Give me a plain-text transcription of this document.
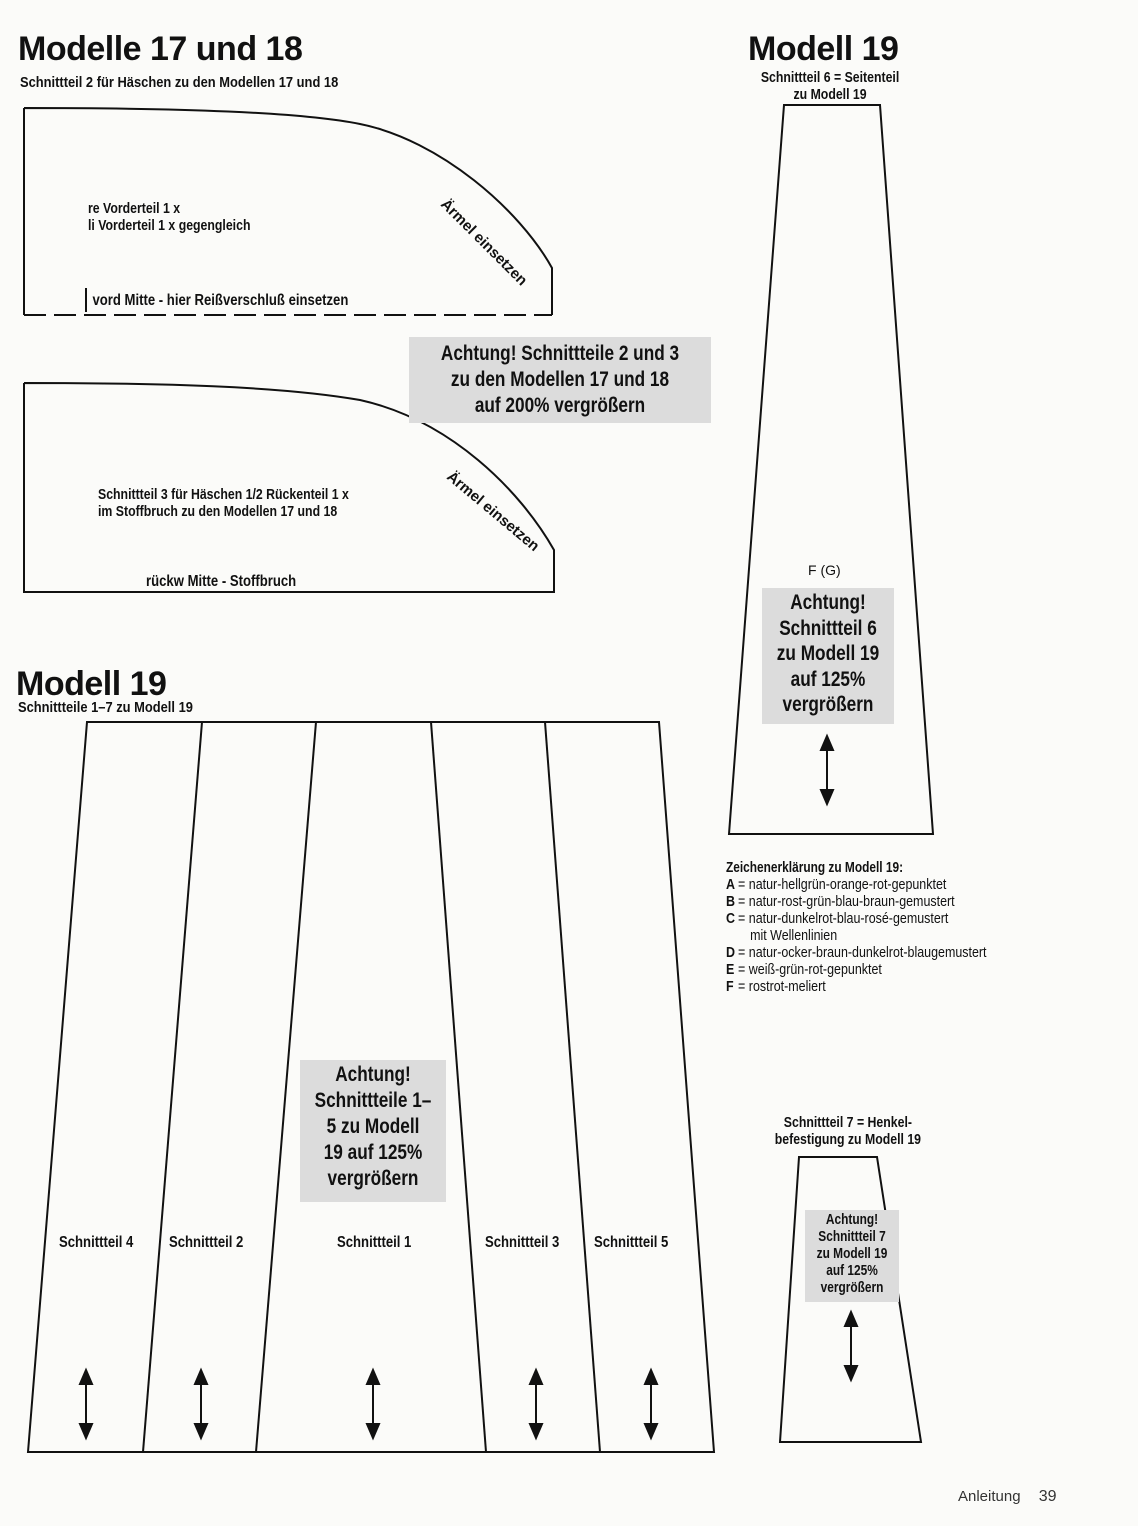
Ärmel einsetzen
Ärmel einsetzen
Modelle 17 und 18
Schnittteil 2 für Häschen zu den Modellen 17 und 18
re Vorderteil 1 x
li Vorderteil 1 x gegengleich
vord Mitte - hier Reißverschluß einsetzen
Achtung! Schnittteile 2 und 3
zu den Modellen 17 und 18
auf 200% vergrößern
Schnittteil 3 für Häschen 1/2 Rückenteil 1 x
im Stoffbruch zu den Modellen 17 und 18
rückw Mitte - Stoffbruch
Modell 19
Schnittteil 6 = Seitenteil
zu Modell 19
F (G)
Achtung!
Schnittteil 6
zu Modell 19
auf 125%
vergrößern
Zeichenerklärung zu Modell 19:
A = natur-hellgrün-orange-rot-gepunktet
B = natur-rost-grün-blau-braun-gemustert
C = natur-dunkelrot-blau-rosé-gemustert
mit Wellenlinien
D = natur-ocker-braun-dunkelrot-blaugemustert
E = weiß-grün-rot-gepunktet
F = rostrot-meliert
Modell 19
Schnittteile 1–7 zu Modell 19
Achtung!
Schnittteile 1–
5 zu Modell
19 auf 125%
vergrößern
Schnittteil 4 Schnittteil 2	Schnittteil 1	Schnittteil 3 Schnittteil 5
Schnittteil 7 = Henkel-
befestigung zu Modell 19
Achtung!
Schnittteil 7
zu Modell 19
auf 125%
vergrößern
Anleitung 39
